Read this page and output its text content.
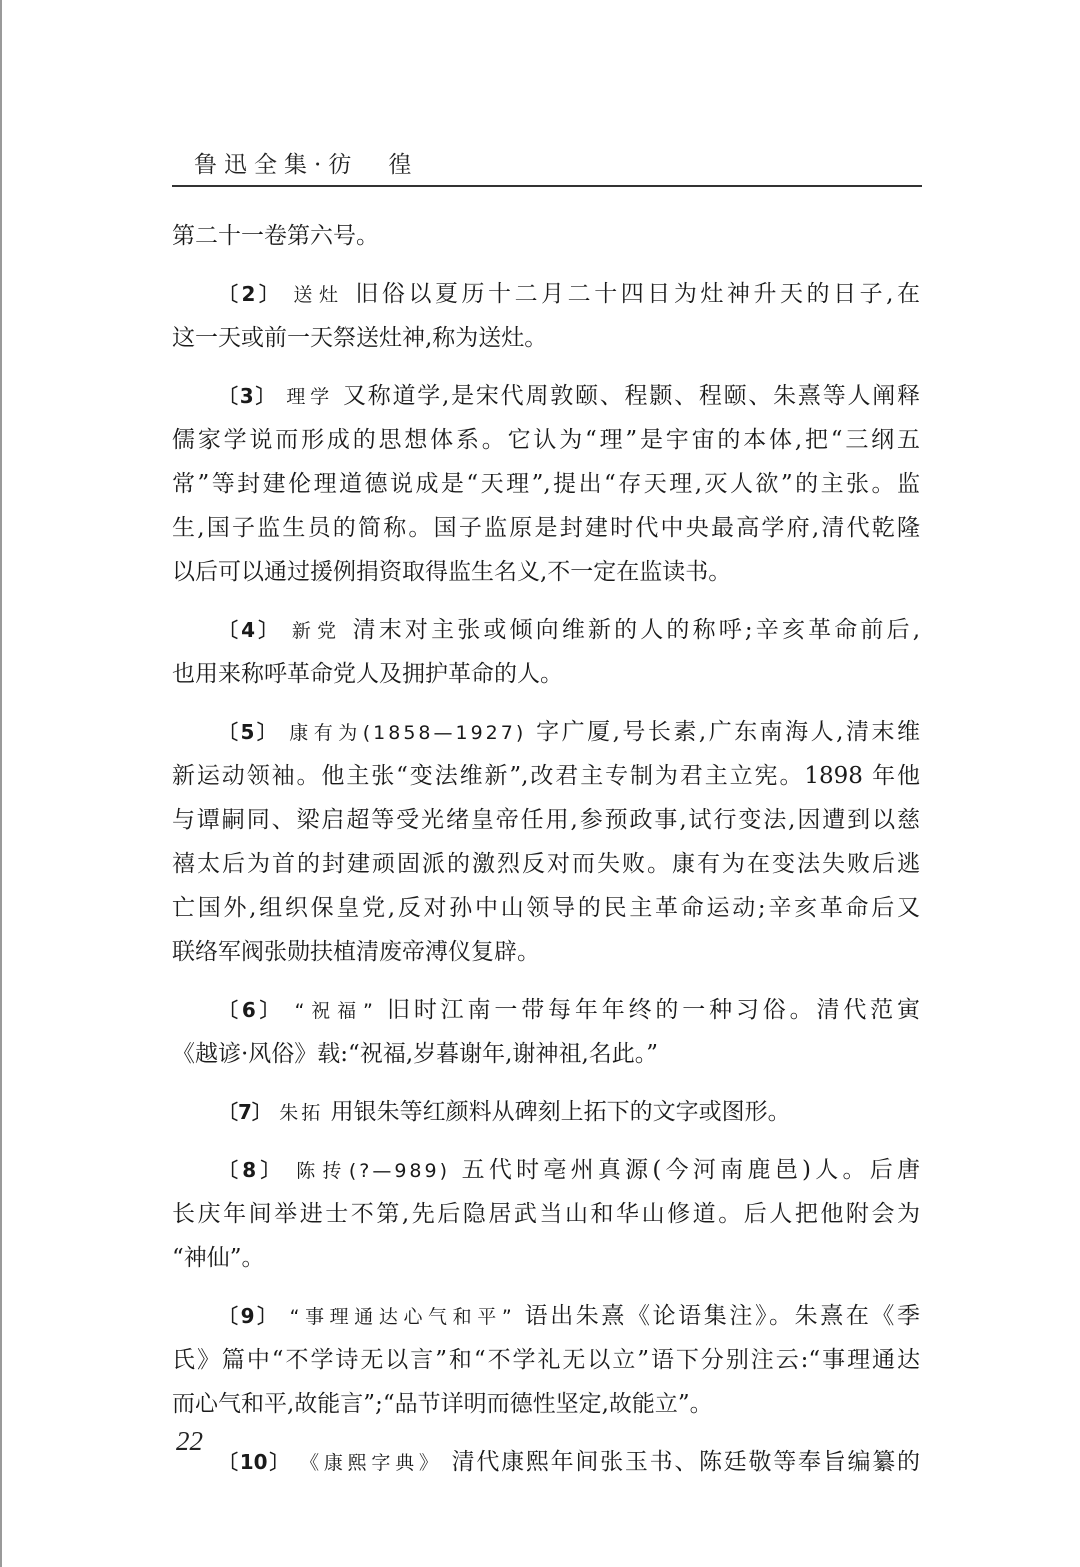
鲁迅全集·彷 徨
第二十一卷第六号。
〔2〕 送灶 旧俗以夏历十二月二十四日为灶神升天的日子,在
这一天或前一天祭送灶神,称为送灶。
〔3〕 理学 又称道学,是宋代周敦颐、程颢、程颐、朱熹等人阐释
儒家学说而形成的思想体系。它认为“理”是宇宙的本体,把“三纲五
常”等封建伦理道德说成是“天理”,提出“存天理,灭人欲”的主张。监
生,国子监生员的简称。国子监原是封建时代中央最高学府,清代乾隆
以后可以通过援例捐资取得监生名义,不一定在监读书。
〔4〕 新党 清末对主张或倾向维新的人的称呼;辛亥革命前后,
也用来称呼革命党人及拥护革命的人。
〔5〕 康有为(1858—1927) 字广厦,号长素,广东南海人,清末维
新运动领袖。他主张“变法维新”,改君主专制为君主立宪。1898 年他
与谭嗣同、梁启超等受光绪皇帝任用,参预政事,试行变法,因遭到以慈
禧太后为首的封建顽固派的激烈反对而失败。康有为在变法失败后逃
亡国外,组织保皇党,反对孙中山领导的民主革命运动;辛亥革命后又
联络军阀张勋扶植清废帝溥仪复辟。
〔6〕 “祝福” 旧时江南一带每年年终的一种习俗。清代范寅
《越谚·风俗》载:“祝福,岁暮谢年,谢神祖,名此。”
〔7〕 朱拓 用银朱等红颜料从碑刻上拓下的文字或图形。
〔8〕 陈抟(?—989) 五代时亳州真源(今河南鹿邑)人。后唐
长庆年间举进士不第,先后隐居武当山和华山修道。后人把他附会为
“神仙”。
〔9〕 “事理通达心气和平” 语出朱熹《论语集注》。朱熹在《季
氏》篇中“不学诗无以言”和“不学礼无以立”语下分别注云:“事理通达
而心气和平,故能言”;“品节详明而德性坚定,故能立”。
〔10〕 《康熙字典》 清代康熙年间张玉书、陈廷敬等奉旨编纂的
22
